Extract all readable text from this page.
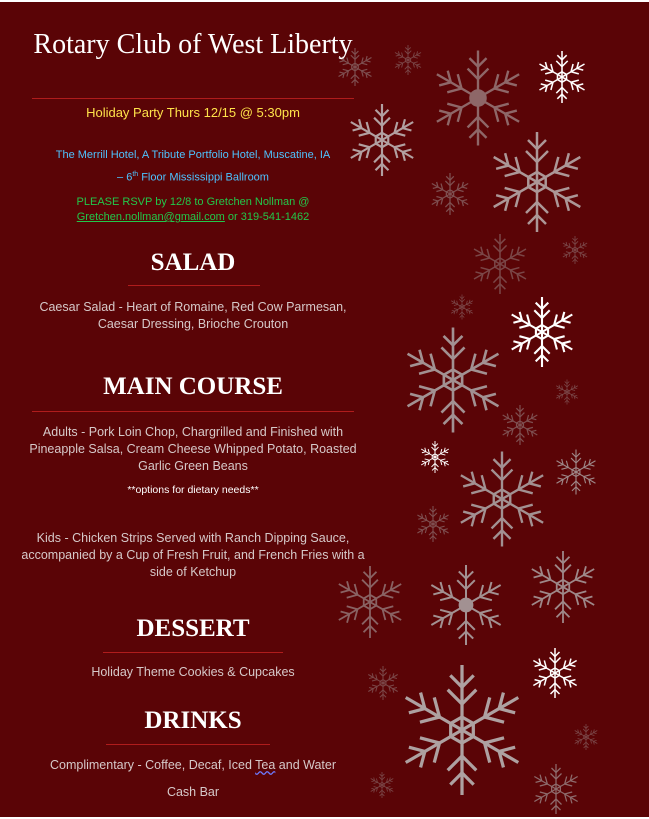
Rotary Club of West Liberty
Holiday Party Thurs 12/15 @ 5:30pm
The Merrill Hotel, A Tribute Portfolio Hotel, Muscatine, IA
– 6th Floor Mississippi Ballroom
PLEASE RSVP by 12/8 to Gretchen Nollman @
Gretchen.nollman@gmail.com or 319-541-1462
SALAD
Caesar Salad - Heart of Romaine, Red Cow Parmesan, Caesar Dressing, Brioche Crouton
MAIN COURSE
Adults - Pork Loin Chop, Chargrilled and Finished with Pineapple Salsa, Cream Cheese Whipped Potato, Roasted Garlic Green Beans
**options for dietary needs**
Kids - Chicken Strips Served with Ranch Dipping Sauce, accompanied by a Cup of Fresh Fruit, and French Fries with a side of Ketchup
DESSERT
Holiday Theme Cookies & Cupcakes
DRINKS
Complimentary - Coffee, Decaf, Iced Tea and Water
Cash Bar
